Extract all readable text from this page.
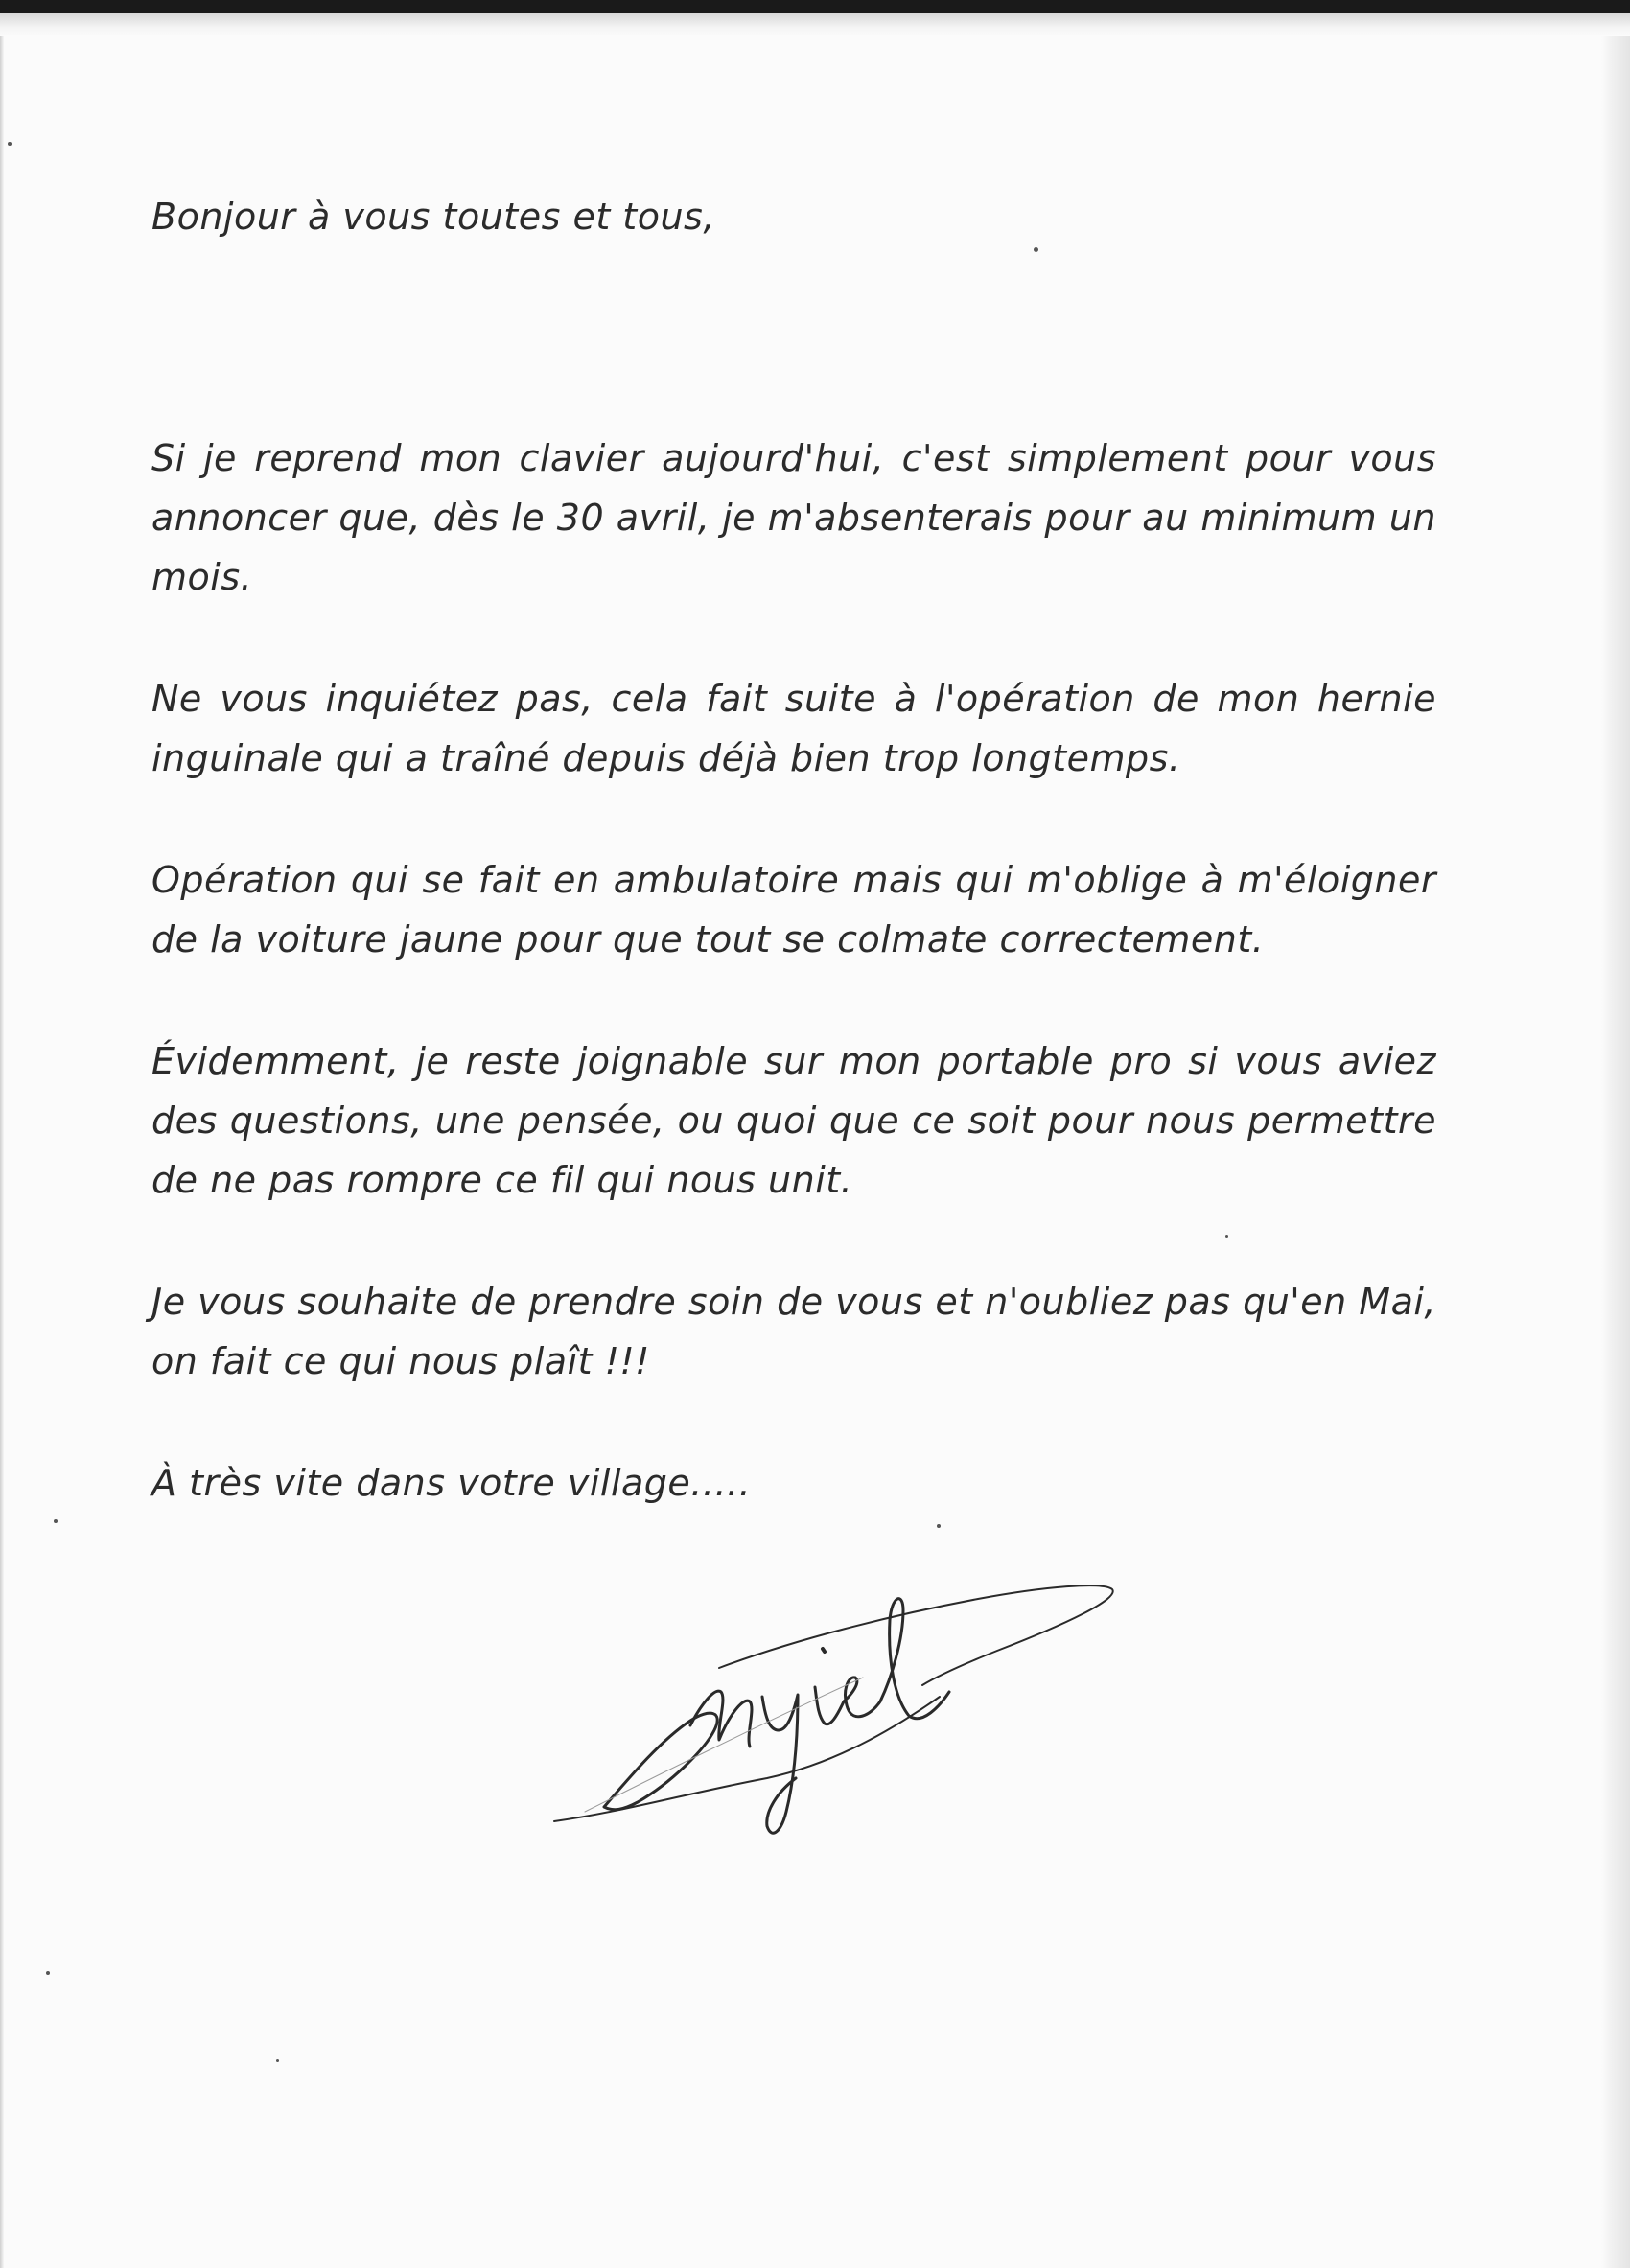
Bonjour à vous toutes et tous,

Si je reprend mon clavier aujourd'hui, c'est simplement pour vous annoncer que, dès le 30 avril, je m'absenterais pour au minimum un mois.

Ne vous inquiétez pas, cela fait suite à l'opération de mon hernie inguinale qui a traîné depuis déjà bien trop longtemps.

Opération qui se fait en ambulatoire mais qui m'oblige à m'éloigner de la voiture jaune pour que tout se colmate correctement.

Évidemment, je reste joignable sur mon portable pro si vous aviez des questions, une pensée, ou quoi que ce soit pour nous permettre de ne pas rompre ce fil qui nous unit.

Je vous souhaite de prendre soin de vous et n'oubliez pas qu'en Mai, on fait ce qui nous plaît !!!

À très vite dans votre village.....
